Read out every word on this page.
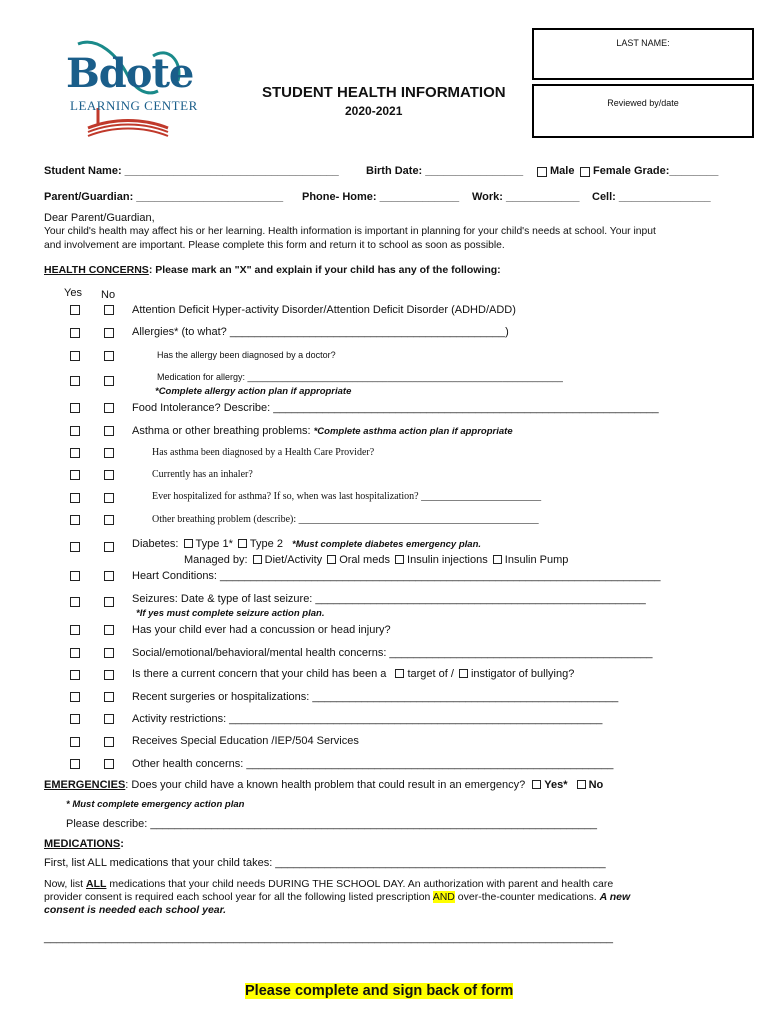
Bdote
LEARNING CENTER
STUDENT HEALTH INFORMATION
2020-2021
LAST NAME:
Reviewed by/date
Student Name: ___________________________________ Birth Date: ________________ Male Female Grade:________
Parent/Guardian: ________________________ Phone- Home: _____________ Work: ____________ Cell: _______________
Dear Parent/Guardian,
Your child's health may affect his or her learning. Health information is important in planning for your child's needs at school. Your input
and involvement are important. Please complete this form and return it to school as soon as possible.
HEALTH CONCERNS: Please mark an "X" and explain if your child has any of the following:
Yes No
Attention Deficit Hyper-activity Disorder/Attention Deficit Disorder (ADHD/ADD)
Allergies* (to what? _____________________________________________)
Has the allergy been diagnosed by a doctor?
Medication for allergy: _______________________________________________________________
*Complete allergy action plan if appropriate
Food Intolerance? Describe: _______________________________________________________________
Asthma or other breathing problems: *Complete asthma action plan if appropriate
Has asthma been diagnosed by a Health Care Provider?
Currently has an inhaler?
Ever hospitalized for asthma? If so, when was last hospitalization? ________________________
Other breathing problem (describe): ________________________________________________
Diabetes: Type 1* Type 2 *Must complete diabetes emergency plan.
Managed by: Diet/Activity Oral meds Insulin injections Insulin Pump
Heart Conditions: ________________________________________________________________________
Seizures: Date & type of last seizure: ______________________________________________________
*If yes must complete seizure action plan.
Has your child ever had a concussion or head injury?
Social/emotional/behavioral/mental health concerns: ___________________________________________
Is there a current concern that your child has been a target of / instigator of bullying?
Recent surgeries or hospitalizations: __________________________________________________
Activity restrictions: _____________________________________________________________
Receives Special Education /IEP/504 Services
Other health concerns: ____________________________________________________________
EMERGENCIES: Does your child have a known health problem that could result in an emergency? Yes* No
* Must complete emergency action plan
Please describe: _________________________________________________________________________
MEDICATIONS:
First, list ALL medications that your child takes: ______________________________________________________
Now, list ALL medications that your child needs DURING THE SCHOOL DAY. An authorization with parent and health care
provider consent is required each school year for all the following listed prescription AND over-the-counter medications. A new
consent is needed each school year.
_____________________________________________________________________________________________
Please complete and sign back of form
